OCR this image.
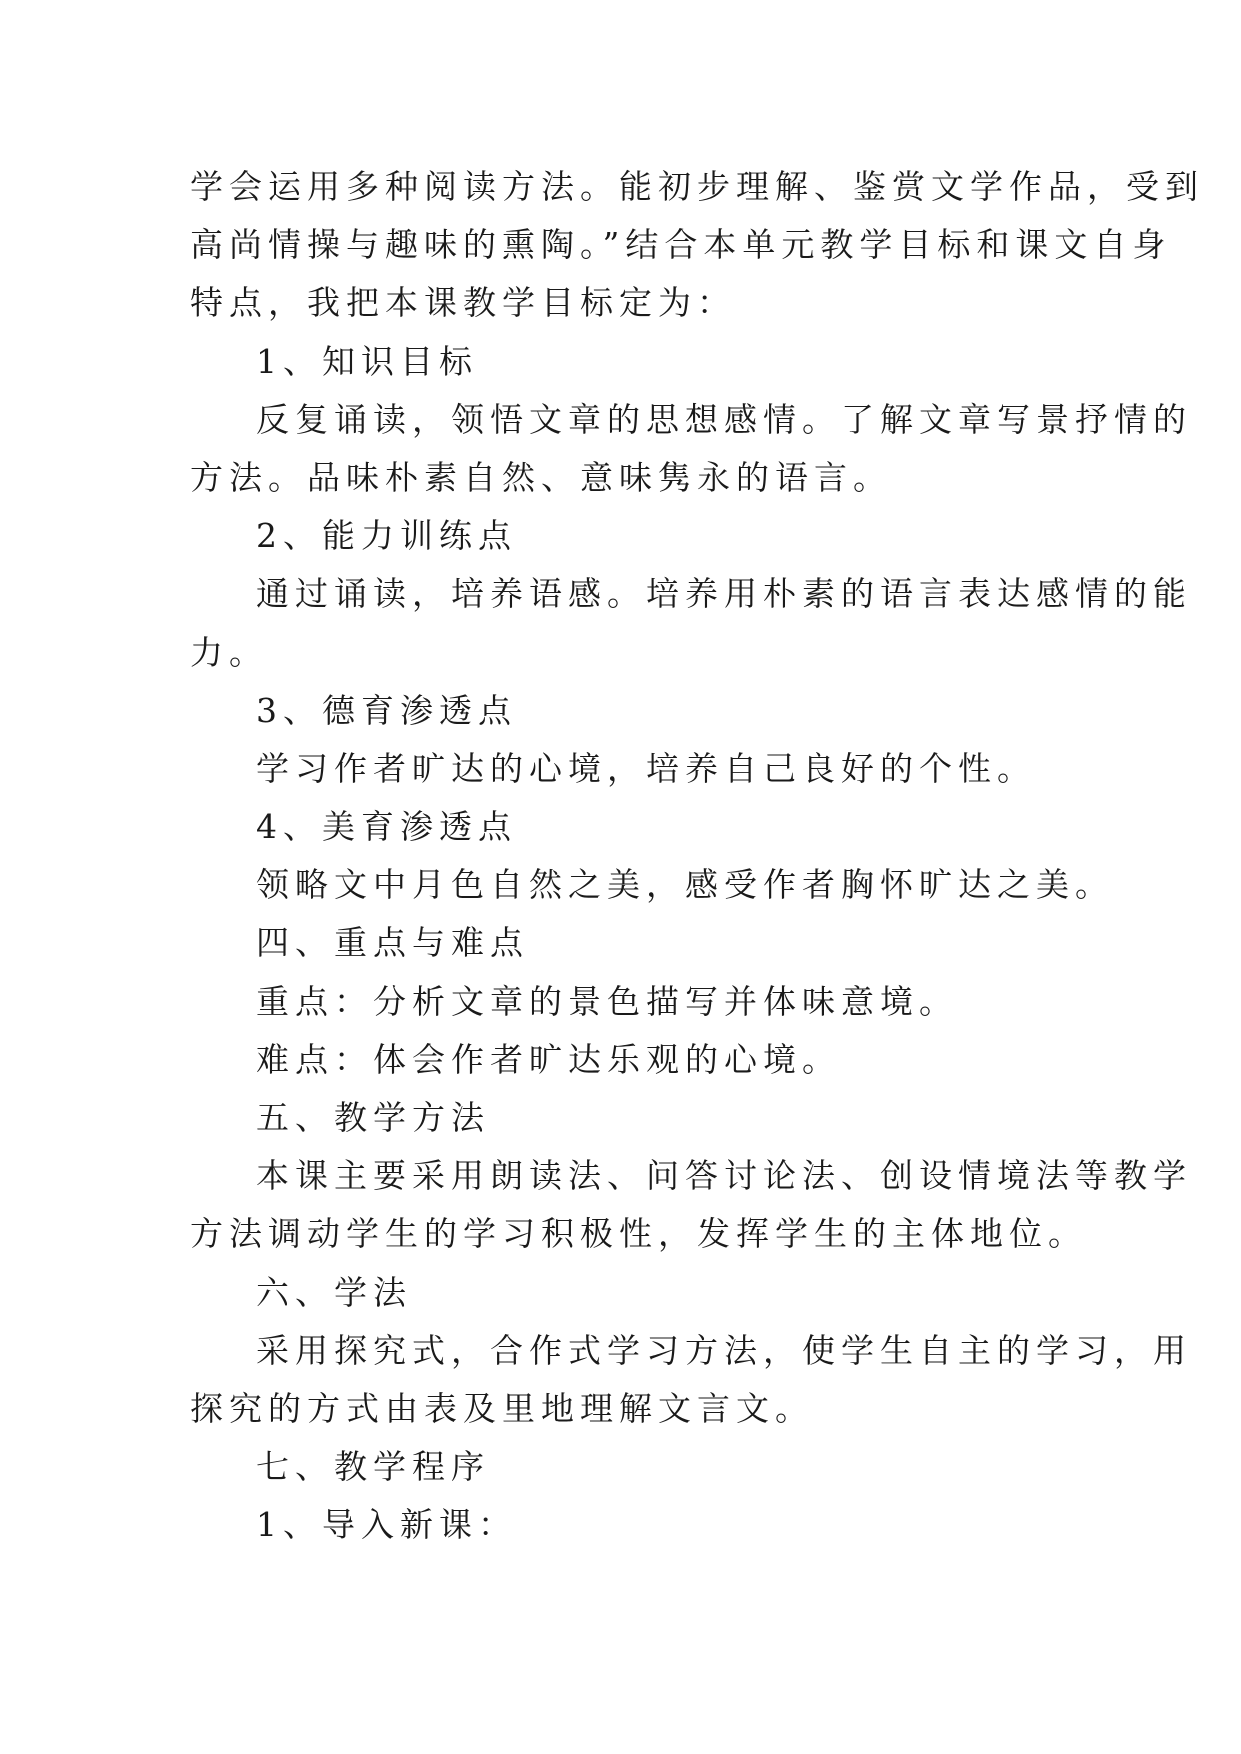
学会运用多种阅读方法。能初步理解、鉴赏文学作品，受到
高尚情操与趣味的熏陶。”结合本单元教学目标和课文自身
特点，我把本课教学目标定为：
1、知识目标
反复诵读，领悟文章的思想感情。了解文章写景抒情的
方法。品味朴素自然、意味隽永的语言。
2、能力训练点
通过诵读，培养语感。培养用朴素的语言表达感情的能
力。
3、德育渗透点
学习作者旷达的心境，培养自己良好的个性。
4、美育渗透点
领略文中月色自然之美，感受作者胸怀旷达之美。
四、重点与难点
重点：分析文章的景色描写并体味意境。
难点：体会作者旷达乐观的心境。
五、教学方法
本课主要采用朗读法、问答讨论法、创设情境法等教学
方法调动学生的学习积极性，发挥学生的主体地位。
六、学法
采用探究式，合作式学习方法，使学生自主的学习，用
探究的方式由表及里地理解文言文。
七、教学程序
1、导入新课：
